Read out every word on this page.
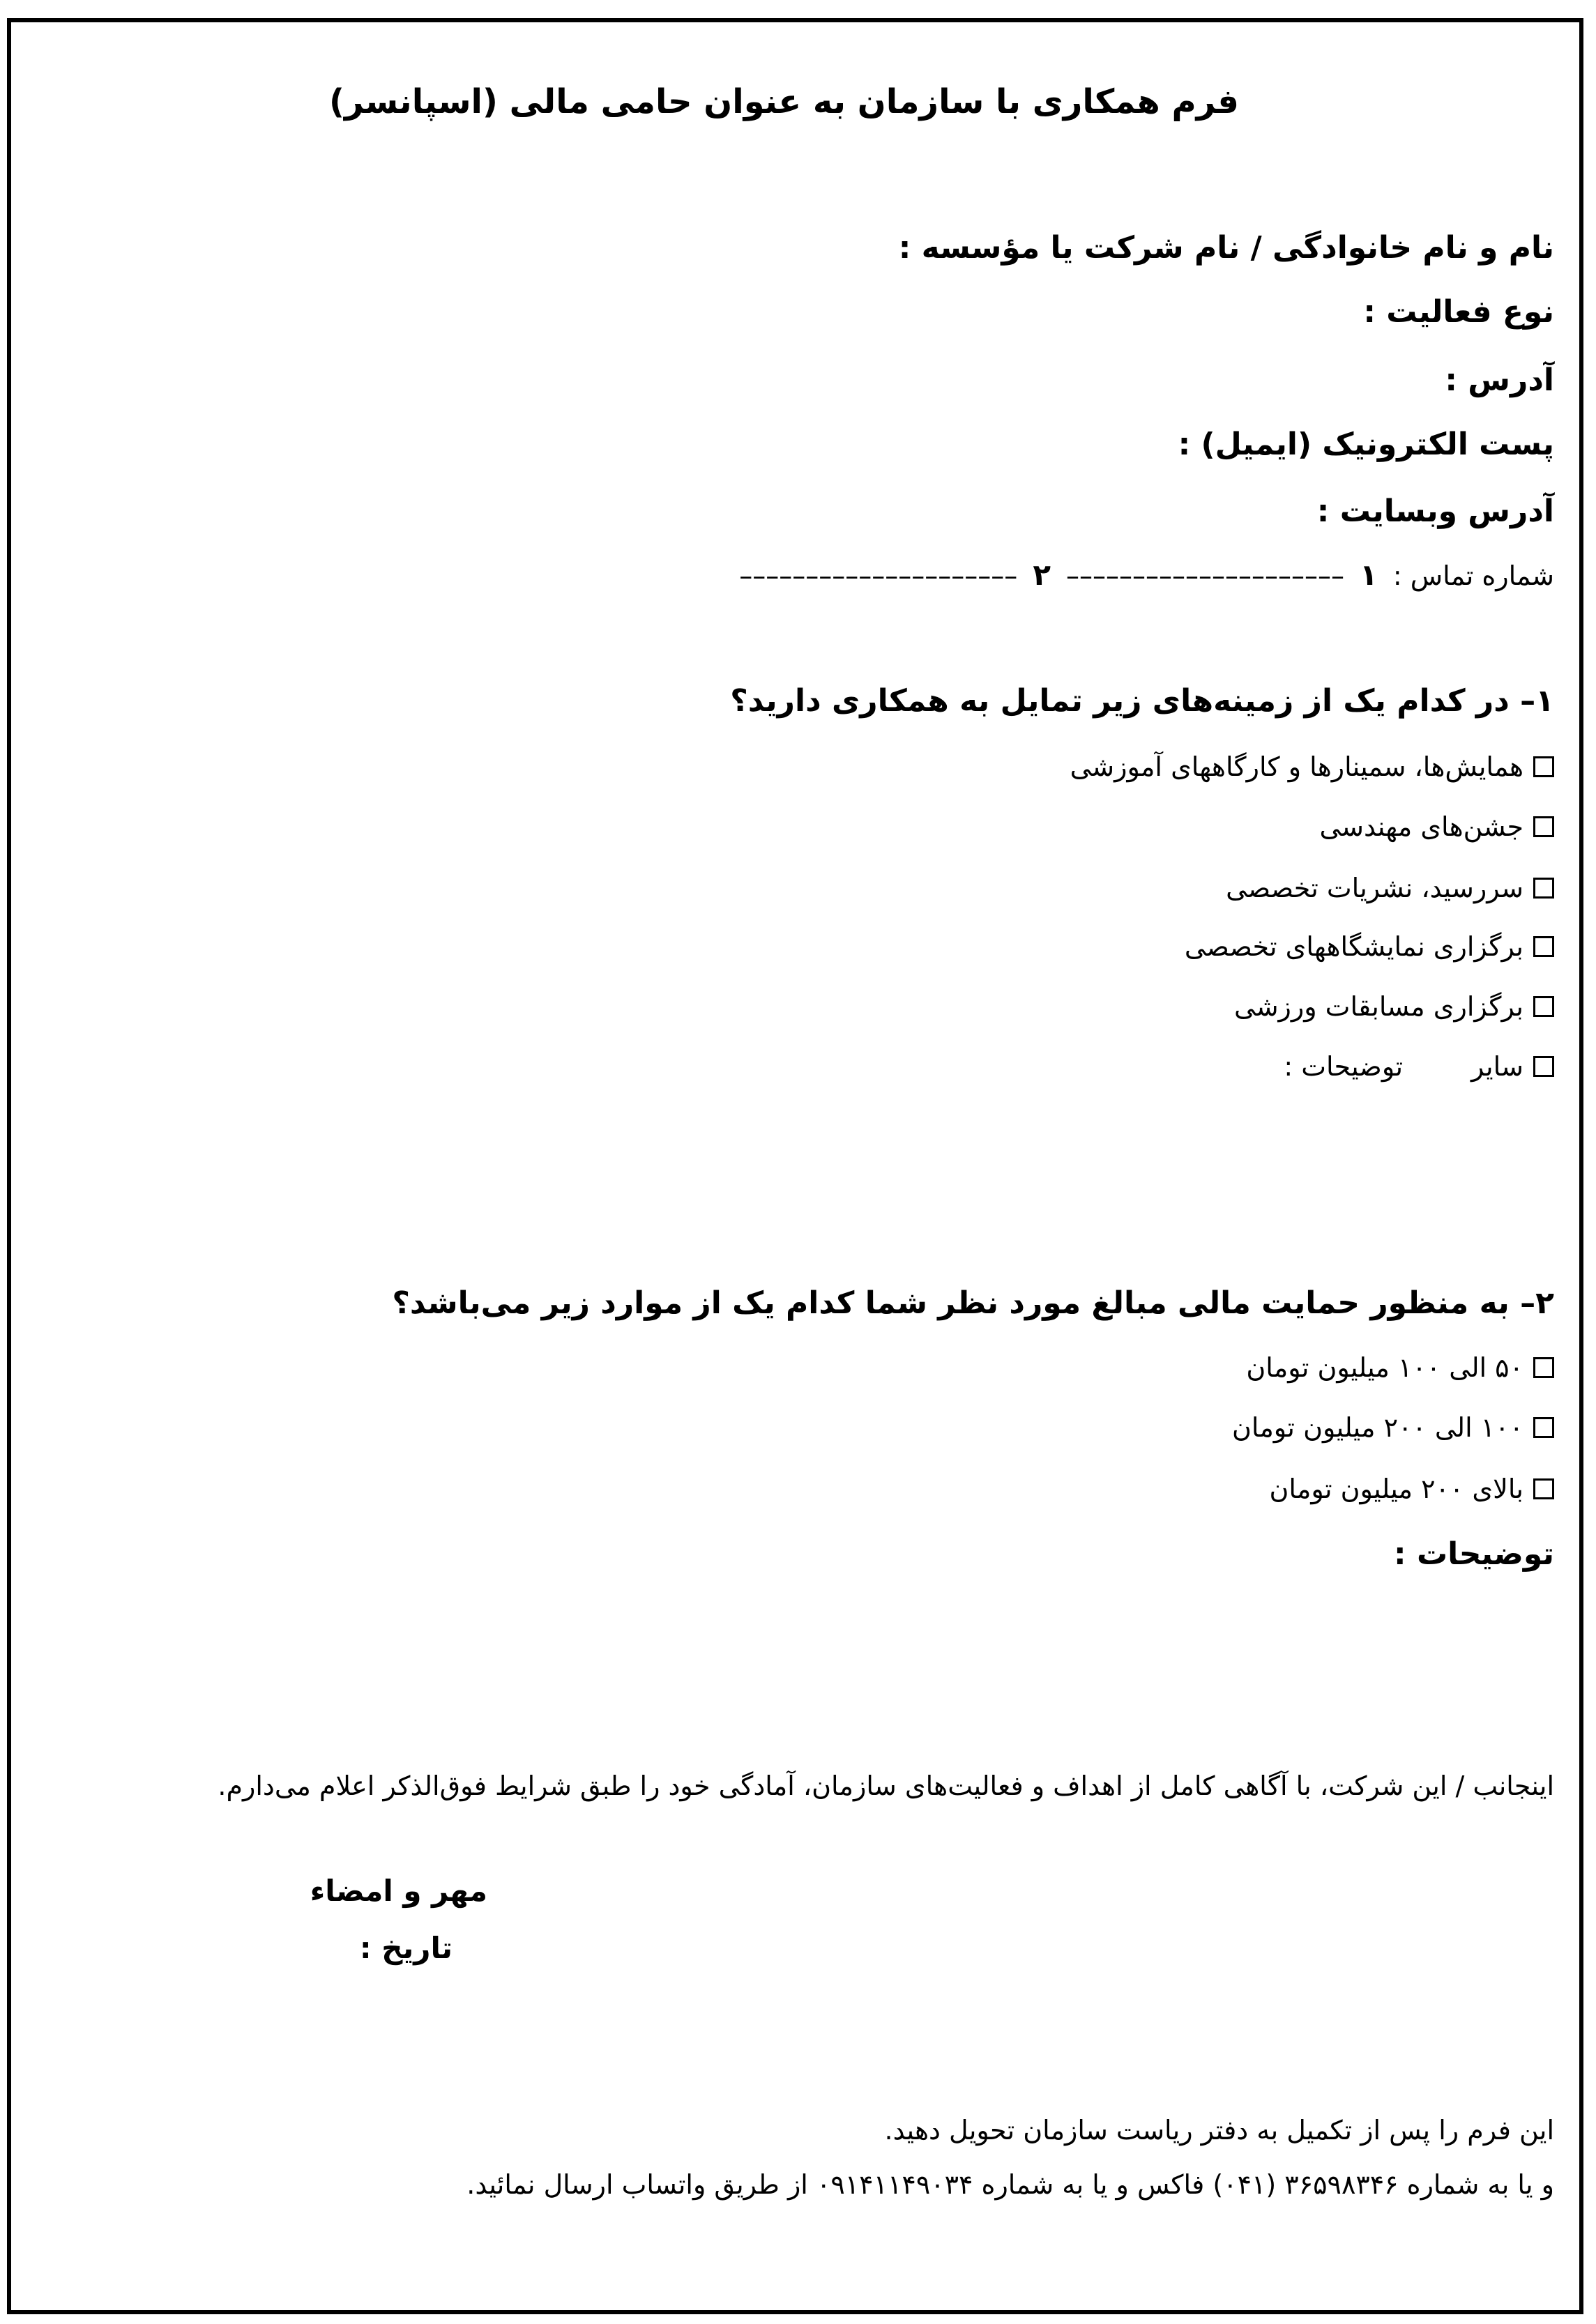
فرم همکاری با سازمان به عنوان حامی مالی (اسپانسر)
نام و نام خانوادگی / نام شرکت یا مؤسسه :
نوع فعالیت :
آدرس :
پست الکترونیک (ایمیل) :
آدرس وبسایت :
شماره تماس : ۱ ––––––––––––––––––––– ۲ –––––––––––––––––––––
۱– در کدام یک از زمینه‌های زیر تمایل به همکاری دارید؟
همایش‌ها، سمینارها و کارگاههای آموزشی
جشن‌های مهندسی
سررسید، نشریات تخصصی
برگزاری نمایشگاههای تخصصی
برگزاری مسابقات ورزشی
سایر
توضیحات :
۲– به منظور حمایت مالی مبالغ مورد نظر شما کدام یک از موارد زیر می‌باشد؟
۵۰ الی ۱۰۰ میلیون تومان
۱۰۰ الی ۲۰۰ میلیون تومان
بالای ۲۰۰ میلیون تومان
توضیحات :
اینجانب / این شرکت، با آگاهی کامل از اهداف و فعالیت‌های سازمان، آمادگی خود را طبق شرایط فوق‌الذکر اعلام می‌دارم.
مهر و امضاء
تاریخ :
این فرم را پس از تکمیل به دفتر ریاست سازمان تحویل دهید.
و یا به شماره ۳۶۵۹۸۳۴۶ (۰۴۱) فاکس و یا به شماره ۰۹۱۴۱۱۴۹۰۳۴ از طریق واتساب ارسال نمائید.
